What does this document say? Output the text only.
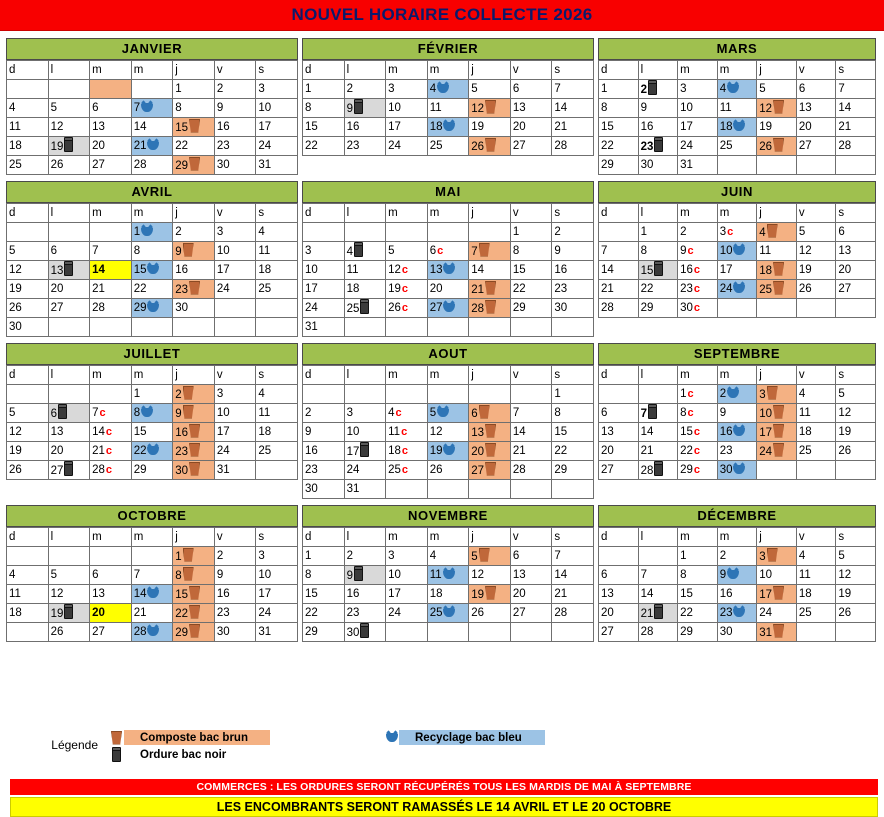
NOUVEL HORAIRE COLLECTE 2026
JANVIER
d	l	m	m	j	v	s
				1	2	3
4	5	6	7	8	9	10
11	12	13	14	15	16	17
18	19	20	21	22	23	24
25	26	27	28	29	30	31
FÉVRIER
d	l	m	m	j	v	s
1	2	3	4	5	6	7
8	9	10	11	12	13	14
15	16	17	18	19	20	21
22	23	24	25	26	27	28
MARS
d	l	m	m	j	v	s
1	2	3	4	5	6	7
8	9	10	11	12	13	14
15	16	17	18	19	20	21
22	23	24	25	26	27	28
29	30	31				
AVRIL
d	l	m	m	j	v	s
			1	2	3	4
5	6	7	8	9	10	11
12	13	14	15	16	17	18
19	20	21	22	23	24	25
26	27	28	29	30		
30						
MAI
d	l	m	m	j	v	s
					1	2
3	4	5	6c	7	8	9
10	11	12c	13	14	15	16
17	18	19c	20	21	22	23
24	25	26c	27	28	29	30
31						
JUIN
d	l	m	m	j	v	s
	1	2	3c	4	5	6
7	8	9c	10	11	12	13
14	15	16c	17	18	19	20
21	22	23c	24	25	26	27
28	29	30c				
JUILLET
d	l	m	m	j	v	s
			1	2	3	4
5	6	7c	8	9	10	11
12	13	14c	15	16	17	18
19	20	21c	22	23	24	25
26	27	28c	29	30	31	
AOUT
d	l	m	m	j	v	s
						1
2	3	4c	5	6	7	8
9	10	11c	12	13	14	15
16	17	18c	19	20	21	22
23	24	25c	26	27	28	29
30	31					
SEPTEMBRE
d	l	m	m	j	v	s
		1c	2	3	4	5
6	7	8c	9	10	11	12
13	14	15c	16	17	18	19
20	21	22c	23	24	25	26
27	28	29c	30			
OCTOBRE
d	l	m	m	j	v	s
				1	2	3
4	5	6	7	8	9	10
11	12	13	14	15	16	17
18	19	20	21	22	23	24
	26	27	28	29	30	31
NOVEMBRE
d	l	m	m	j	v	s
1	2	3	4	5	6	7
8	9	10	11	12	13	14
15	16	17	18	19	20	21
22	23	24	25	26	27	28
29	30					
DÉCEMBRE
d	l	m	m	j	v	s
		1	2	3	4	5
6	7	8	9	10	11	12
13	14	15	16	17	18	19
20	21	22	23	24	25	26
27	28	29	30	31		
Légende
Composte bac brun
Ordure bac noir
Recyclage bac bleu
COMMERCES : LES ORDURES SERONT RÉCUPÉRÉS TOUS LES MARDIS DE MAI À SEPTEMBRE
LES ENCOMBRANTS SERONT RAMASSÉS LE 14 AVRIL ET LE 20 OCTOBRE
